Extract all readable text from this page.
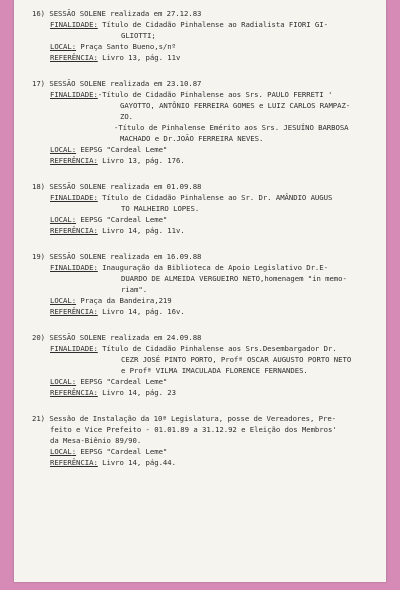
16) SESSÃO SOLENE realizada em 27.12.83
FINALIDADE : Título de Cidadão Pinhalense ao Radialista FIORI GI-
GLIOTTI;
LOCAL : Praça Santo Bueno,s/nº
REFERÊNCIA : Livro 13, pág. 11v
17) SESSÃO SOLENE realizada em 23.10.87
FINALIDADE : -Título de Cidadão Pinhalense aos Srs. PAULO FERRETI '
GAYOTTO, ANTÔNIO FERREIRA GOMES e LUIZ CARLOS RAMPAZ-
ZO.
-Título de Pinhalense Emérito aos Srs. JESUÍNO BARBOSA
MACHADO e Dr.JOÃO FERREIRA NEVES.
LOCAL : EEPSG "Cardeal Leme"
REFERÊNCIA : Livro 13, pág. 176.
18) SESSÃO SOLENE realizada em 01.09.88
FINALIDADE : Título de Cidadão Pinhalense ao Sr. Dr. AMÂNDIO AUGUS
TO MALHEIRO LOPES.
LOCAL : EEPSG "Cardeal Leme"
REFERÊNCIA : Livro 14, pág. 11v.
19) SESSÃO SOLENE realizada em 16.09.88
FINALIDADE : Inauguração da Biblioteca de Apoio Legislativo Dr.E-
DUARDO DE ALMEIDA VERGUEIRO NETO,homenagem "in memo-
riam".
LOCAL : Praça da Bandeira,219
REFERÊNCIA : Livro 14, pág. 16v.
20) SESSÃO SOLENE realizada em 24.09.88
FINALIDADE : Título de Cidadão Pinhalense aos Srs.Desembargador Dr.
CEZR JOSÉ PINTO PORTO, Profª OSCAR AUGUSTO PORTO NETO
e Profª VILMA IMACULADA FLORENCE FERNANDES.
LOCAL : EEPSG "Cardeal Leme"
REFERÊNCIA : Livro 14, pág. 23
21) Sessão de Instalação da 10ª Legislatura, posse de Vereadores, Pre-
feito e Vice Prefeito - 01.01.89 a 31.12.92 e Eleição dos Membros'
da Mesa-Biênio 89/90.
LOCAL : EEPSG "Cardeal Leme"
REFERÊNCIA : Livro 14, pág.44.
